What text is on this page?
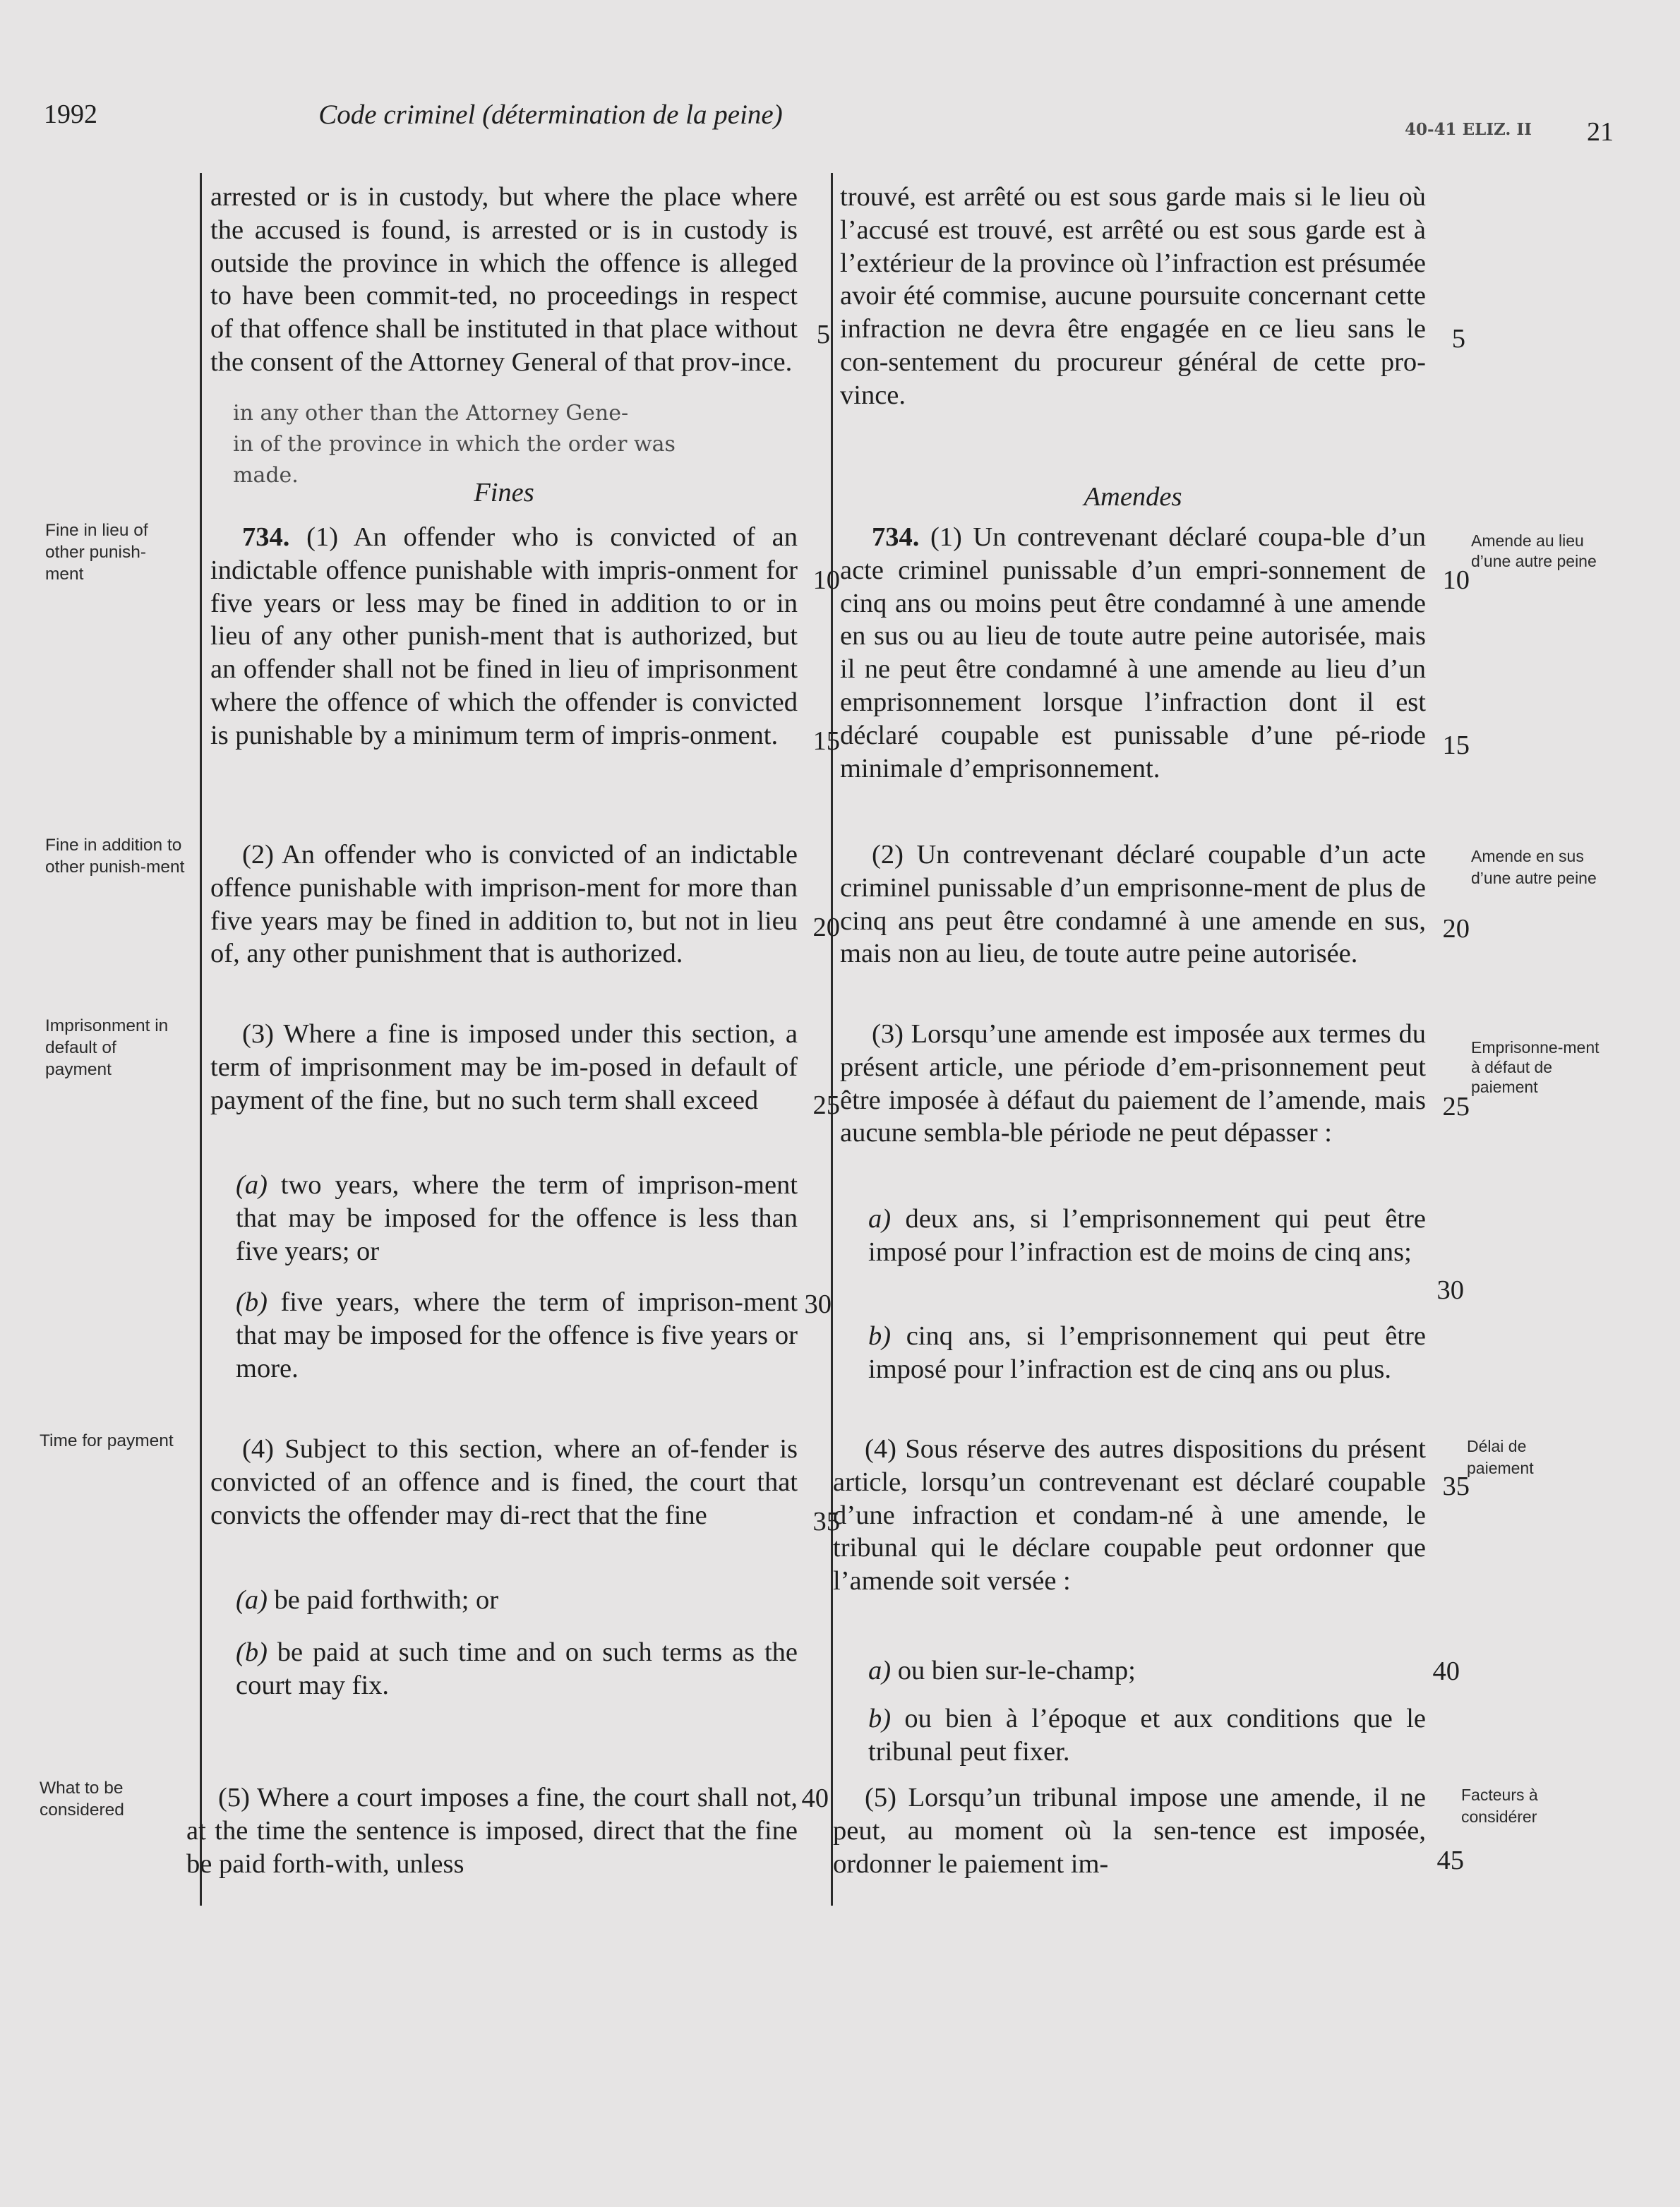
1992	Code criminel (détermination de la peine)
21
40-41 ELIZ. II
in any other than the Attorney Gene-
in of the province in which the order was
made.

arrested or is in custody, but where the place where the accused is found, is arrested or is in custody is outside the province in which the offence is alleged to have been commit-ted, no proceedings in respect of that offence shall be instituted in that place without the consent of the Attorney General of that prov-ince.

Fines

734. (1) An offender who is convicted of an indictable offence punishable with impris-onment for five years or less may be fined in addition to or in lieu of any other punish-ment that is authorized, but an offender shall not be fined in lieu of imprisonment where the offence of which the offender is convicted is punishable by a minimum term of impris-onment.

(2) An offender who is convicted of an indictable offence punishable with imprison-ment for more than five years may be fined in addition to, but not in lieu of, any other punishment that is authorized.

(3) Where a fine is imposed under this section, a term of imprisonment may be im-posed in default of payment of the fine, but no such term shall exceed

(a) two years, where the term of imprison-ment that may be imposed for the offence is less than five years; or

(b) five years, where the term of imprison-ment that may be imposed for the offence is five years or more.

(4) Subject to this section, where an of-fender is convicted of an offence and is fined, the court that convicts the offender may di-rect that the fine

(a) be paid forthwith; or

(b) be paid at such time and on such terms as the court may fix.

(5) Where a court imposes a fine, the court shall not, at the time the sentence is imposed, direct that the fine be paid forth-with, unless

trouvé, est arrêté ou est sous garde mais si le lieu où l’accusé est trouvé, est arrêté ou est sous garde est à l’extérieur de la province où l’infraction est présumée avoir été commise, aucune poursuite concernant cette infraction ne devra être engagée en ce lieu sans le con-sentement du procureur général de cette pro-vince.

Amendes

734. (1) Un contrevenant déclaré coupa-ble d’un acte criminel punissable d’un empri-sonnement de cinq ans ou moins peut être condamné à une amende en sus ou au lieu de toute autre peine autorisée, mais il ne peut être condamné à une amende au lieu d’un emprisonnement lorsque l’infraction dont il est déclaré coupable est punissable d’une pé-riode minimale d’emprisonnement.

(2) Un contrevenant déclaré coupable d’un acte criminel punissable d’un emprisonne-ment de plus de cinq ans peut être condamné à une amende en sus, mais non au lieu, de toute autre peine autorisée.

(3) Lorsqu’une amende est imposée aux termes du présent article, une période d’em-prisonnement peut être imposée à défaut du paiement de l’amende, mais aucune sembla-ble période ne peut dépasser :

a) deux ans, si l’emprisonnement qui peut être imposé pour l’infraction est de moins de cinq ans;

b) cinq ans, si l’emprisonnement qui peut être imposé pour l’infraction est de cinq ans ou plus.

(4) Sous réserve des autres dispositions du présent article, lorsqu’un contrevenant est déclaré coupable d’une infraction et condam-né à une amende, le tribunal qui le déclare coupable peut ordonner que l’amende soit versée :

a) ou bien sur-le-champ;

b) ou bien à l’époque et aux conditions que le tribunal peut fixer.

(5) Lorsqu’un tribunal impose une amende, il ne peut, au moment où la sen-tence est imposée, ordonner le paiement im-

5
10
15
20
25
30
35
40
5
10
15
20
25
30
35
40
45
Fine in lieu of other punish-ment
Fine in addition to other punish-ment
Imprisonment in default of payment
Time for payment
What to be considered
Amende au lieu d’une autre peine
Amende en sus d’une autre peine
Emprisonne-ment à défaut de paiement
Délai de paiement
Facteurs à considérer
